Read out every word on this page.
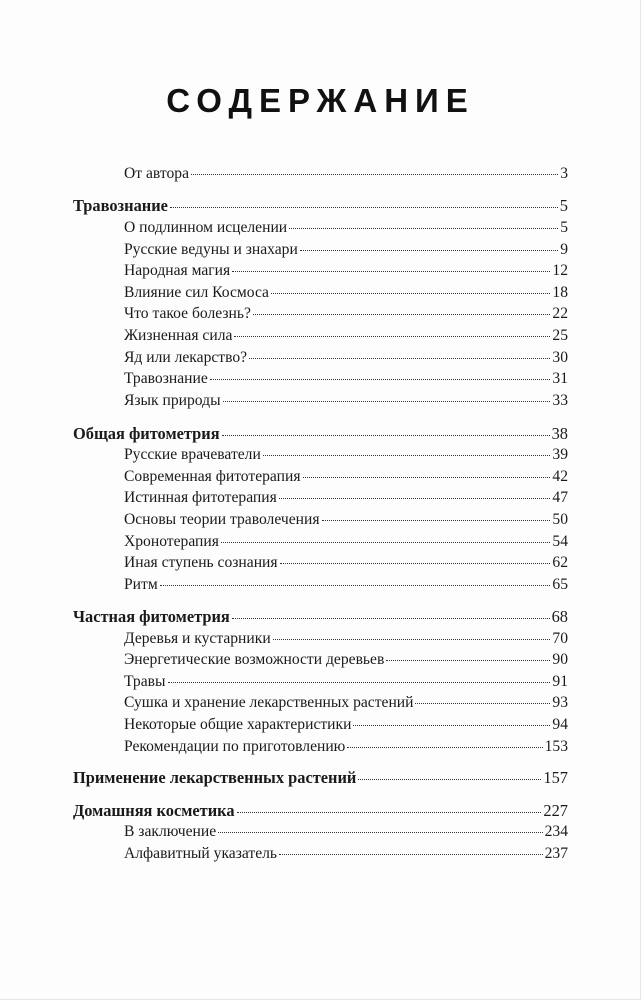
СОДЕРЖАНИЕ
От автора	3
Травознание	5
О подлинном исцелении	5
Русские ведуны и знахари	9
Народная магия	12
Влияние сил Космоса	18
Что такое болезнь?	22
Жизненная сила	25
Яд или лекарство?	30
Травознание	31
Язык природы	33
Общая фитометрия	38
Русские врачеватели	39
Современная фитотерапия	42
Истинная фитотерапия	47
Основы теории траволечения	50
Хронотерапия	54
Иная ступень сознания	62
Ритм	65
Частная фитометрия	68
Деревья и кустарники	70
Энергетические возможности деревьев	90
Травы	91
Сушка и хранение лекарственных растений	93
Некоторые общие характеристики	94
Рекомендации по приготовлению	153
Применение лекарственных растений	157
Домашняя косметика	227
В заключение	234
Алфавитный указатель	237
